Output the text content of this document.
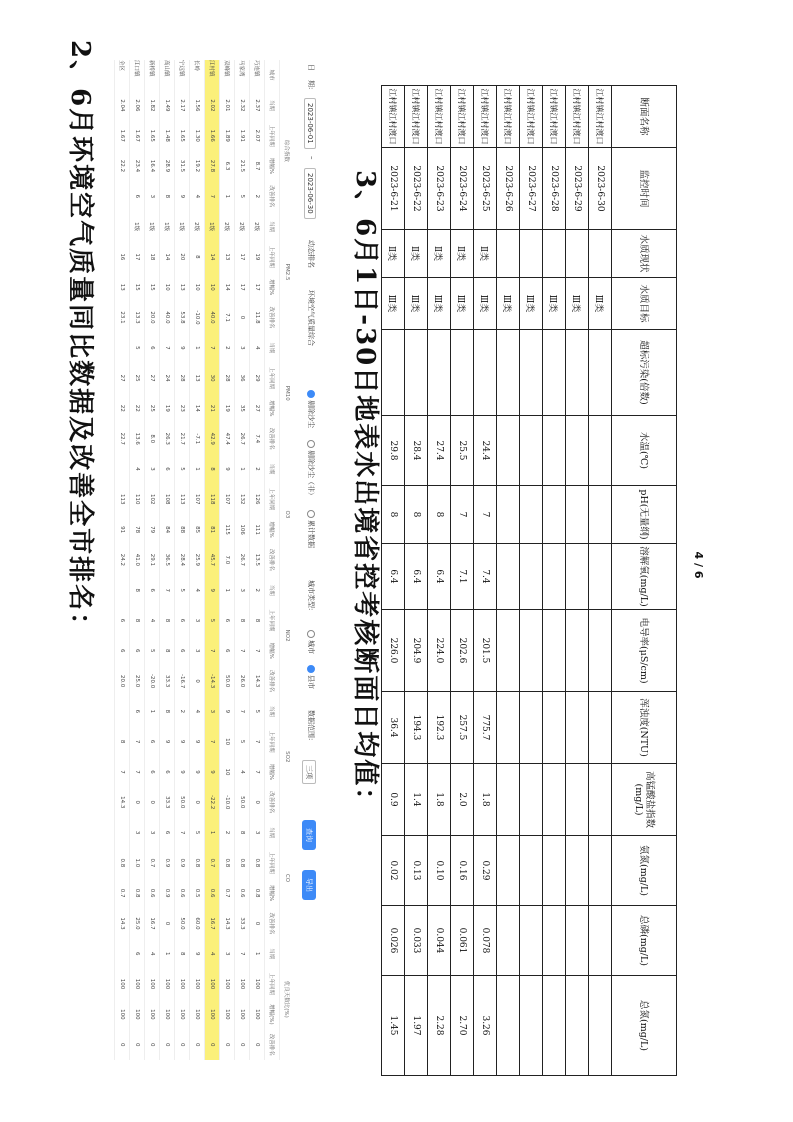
2、6月环境空气质量同比数据及改善全市排名：	日
期:
2023-06-01
–
2023-06-30
动态排名
环境空气质量综合
剔除沙尘
剔除沙尘（非）
累计数据
城市类型:
城市
县市
数据范围:
三项
查询
导出
	综合指数				PM2.5				PM10				O3				NO2				SO2				CO				优良天数比(%)			
城市	当期	上年同期	增幅%	改善排名	当期	上年同期	增幅%	改善排名	当期	上年同期	增幅%	改善排名	当期	上年同期	增幅%	改善排名	当期	上年同期	增幅%	改善排名	当期	上年同期	增幅%	改善排名	当期	上年同期	增幅%	改善排名	当期	上年同期	增幅(%)	改善排名
巧连镇	2.37	2.07	8.7	2	2级	19	17	11.8	4	29	27	7.4	2	126	111	13.5	2	8	7	14.3	5	7	7	0	3	0.8	0.8	0	1	100	100	0
马家湾	2.32	1.91	21.5	5	2级	17	17	0	3	36	35	26.7	1	132	106	26.7	3	8	7	26.0	7	5	4	50.0	8	0.8	0.6	33.3	7	100	100	0
双峰镇	2.01	1.89	6.3	1	2级	13	14	7.1	2	28	19	47.4	9	107	115	7.0	1	6	6	50.0	9	10	10	-10.0	2	0.8	0.7	14.3	3	100	100	0
江村镇	2.02	1.66	27.8	7	1级	14	10	40.0	7	30	21	42.9	8	118	81	45.7	9	5	7	-14.3	3	7	9	-22.2	1	0.7	0.6	16.7	4	100	100	0
长岭	1.56	1.30	19.2	4	2级	8	10	-10.0	1	13	14	-7.1	1	107	85	25.9	4	3	3	0	4	9	9	0	5	0.8	0.5	60.0	9	100	100	0
宁远镇	2.17	1.65	31.5	9	1级	20	13	53.8	9	28	23	21.7	5	113	88	28.4	5	6	6	-16.7	2	9	9	50.0	7	0.9	0.6	50.0	8	100	100	0
高山镇	1.49	1.48	28.9	8	1级	14	10	40.0	7	24	19	26.3	6	108	84	36.5	7	8	8	33.3	8	9	6	33.3	6	0.9	0.9	0	1	100	100	0
新桥镇	1.82	1.65	16.4	3	1级	18	15	20.0	6	27	25	8.0	3	102	79	29.1	6	4	5	-20.0	1	6	6	0	3	0.7	0.6	16.7	4	100	100	0
江口镇	2.06	1.67	23.4	6	1级	17	15	13.3	5	25	22	13.6	4	110	78	41.0	8	8	6	25.0	6	7	7	0	3	1.0	0.8	25.0	6	100	100	0
全区	2.04	1.67	22.2			16	13	23.1		27	22	22.7		113	91	24.2		6	6	20.0		8	7	14.3		0.8	0.7	14.3		100	100	0
3、6月1日-30日地表水出境省控考核断面日均值：
断面名称	监控时间	水质现状	水质目标	超标污染(倍数)	水温(℃)	pH(无量纲)	溶解氧(mg/L)	电导率(μS/cm)	浑浊度(NTU)	高锰酸盐指数(mg/L)	氨氮(mg/L)	总磷(mg/L)	总氮(mg/L)
江村镇江村渡口	2023-6-30		Ⅲ类										
江村镇江村渡口	2023-6-29		Ⅲ类										
江村镇江村渡口	2023-6-28		Ⅲ类										
江村镇江村渡口	2023-6-27		Ⅲ类										
江村镇江村渡口	2023-6-26		Ⅲ类										
江村镇江村渡口	2023-6-25	Ⅱ类	Ⅲ类		24.4	7	7.4	201.5	775.7	1.8	0.29	0.078	3.26
江村镇江村渡口	2023-6-24	Ⅱ类	Ⅲ类		25.5	7	7.1	202.6	257.5	2.0	0.16	0.061	2.70
江村镇江村渡口	2023-6-23	Ⅱ类	Ⅲ类		27.4	8	6.4	224.0	192.3	1.8	0.10	0.044	2.28
江村镇江村渡口	2023-6-22	Ⅱ类	Ⅲ类		28.4	8	6.4	204.9	194.3	1.4	0.13	0.033	1.97
江村镇江村渡口	2023-6-21	Ⅱ类	Ⅲ类		29.8	8	6.4	226.0	36.4	0.9	0.02	0.026	1.45
4 / 6
